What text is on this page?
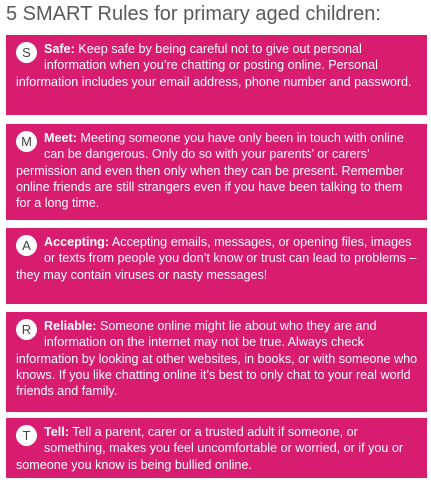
5 SMART Rules for primary aged children:
S	Safe: Keep safe by being careful not to give out personal information when you’re chatting or posting online. Personal information includes your email address, phone number and password.

M Meet: Meeting someone you have only been in touch with online can be dangerous. Only do so with your parents’ or carers’ permission and even then only when they can be present. Remember online friends are still strangers even if you have been talking to them for a long time.

A	Accepting: Accepting emails, messages, or opening files, images or texts from people you don’t know or trust can lead to problems – they may contain viruses or nasty messages!

R	Reliable: Someone online might lie about who they are and information on the internet may not be true. Always check information by looking at other websites, in books, or with someone who knows. If you like chatting online it’s best to only chat to your real world friends and family.

T	Tell: Tell a parent, carer or a trusted adult if someone, or something, makes you feel uncomfortable or worried, or if you or someone you know is being bullied online.
